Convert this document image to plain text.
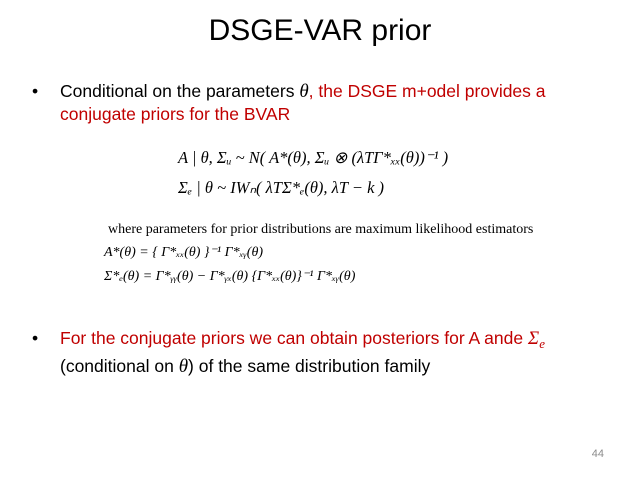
DSGE-VAR prior
• Conditional on the parameters θ, the DSGE m+odel provides a conjugate priors for the BVAR
A | θ, Σᵤ ~ N( A*(θ), Σᵤ ⊗ (λTΓ*ₓₓ(θ))⁻¹ )
Σₑ | θ ~ IWₙ( λTΣ*ₑ(θ), λT − k )
where parameters for prior distributions are maximum likelihood estimators
A*(θ) = { Γ*ₓₓ(θ) }⁻¹ Γ*ₓᵧ(θ)
Σ*ₑ(θ) = Γ*ᵧᵧ(θ) − Γ*ᵧₓ(θ) {Γ*ₓₓ(θ)}⁻¹ Γ*ₓᵧ(θ)
• For the conjugate priors we can obtain posteriors for A ande $\Sigma_e$
(conditional on θ) of the same distribution family
44
